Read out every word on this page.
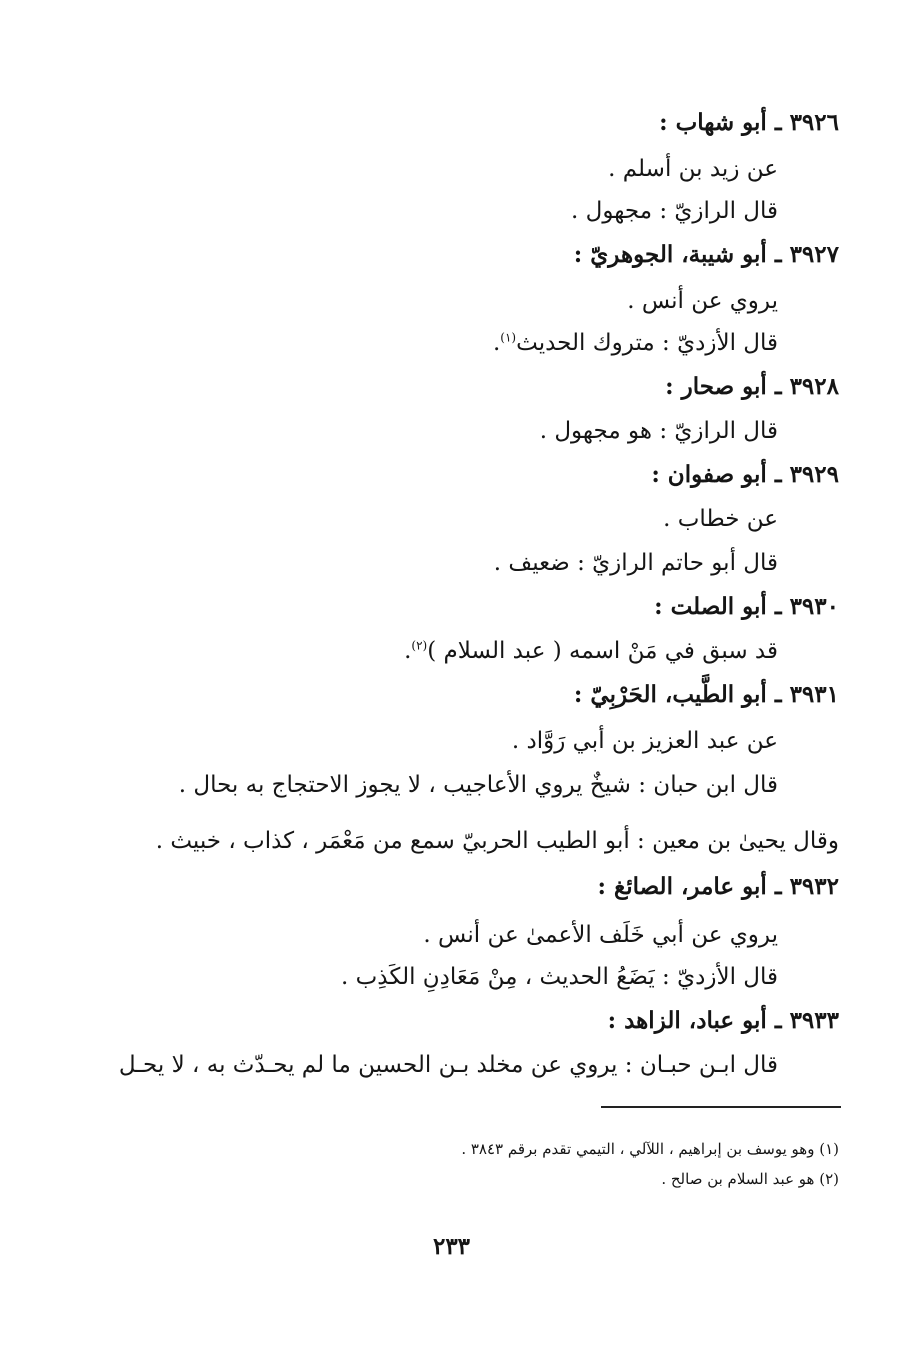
٣٩٢٦ ـ أبو شهاب :
عن زيد بن أسلم .
قال الرازيّ : مجهول .
٣٩٢٧ ـ أبو شيبة، الجوهريّ :
يروي عن أنس .
قال الأزديّ : متروك الحديث$^{(١)}$.
٣٩٢٨ ـ أبو صحار :
قال الرازيّ : هو مجهول .
٣٩٢٩ ـ أبو صفوان :
عن خطاب .
قال أبو حاتم الرازيّ : ضعيف .
٣٩٣٠ ـ أبو الصلت :
قد سبق في مَنْ اسمه ( عبد السلام )$^{(٢)}$.
٣٩٣١ ـ أبو الطَّيب، الحَرْبِيّ :
عن عبد العزيز بن أبي رَوَّاد .
قال ابن حبان : شيخٌ يروي الأعاجيب ، لا يجوز الاحتجاج به بحال .
وقال يحيىٰ بن معين : أبو الطيب الحربيّ سمع من مَعْمَر ، كذاب ، خبيث .
٣٩٣٢ ـ أبو عامر، الصائغ :
يروي عن أبي خَلَف الأعمىٰ عن أنس .
قال الأزديّ : يَضَعُ الحديث ، مِنْ مَعَادِنِ الكَذِب .
٣٩٣٣ ـ أبو عباد، الزاهد :
قال ابـن حبـان : يروي عن مخلد بـن الحسين ما لم يحـدّث به ، لا يحـل
(١) وهو يوسف بن إبراهيم ، اللآلي ، التيمي تقدم برقم ٣٨٤٣ .
(٢) هو عبد السلام بن صالح .
٢٣٣
